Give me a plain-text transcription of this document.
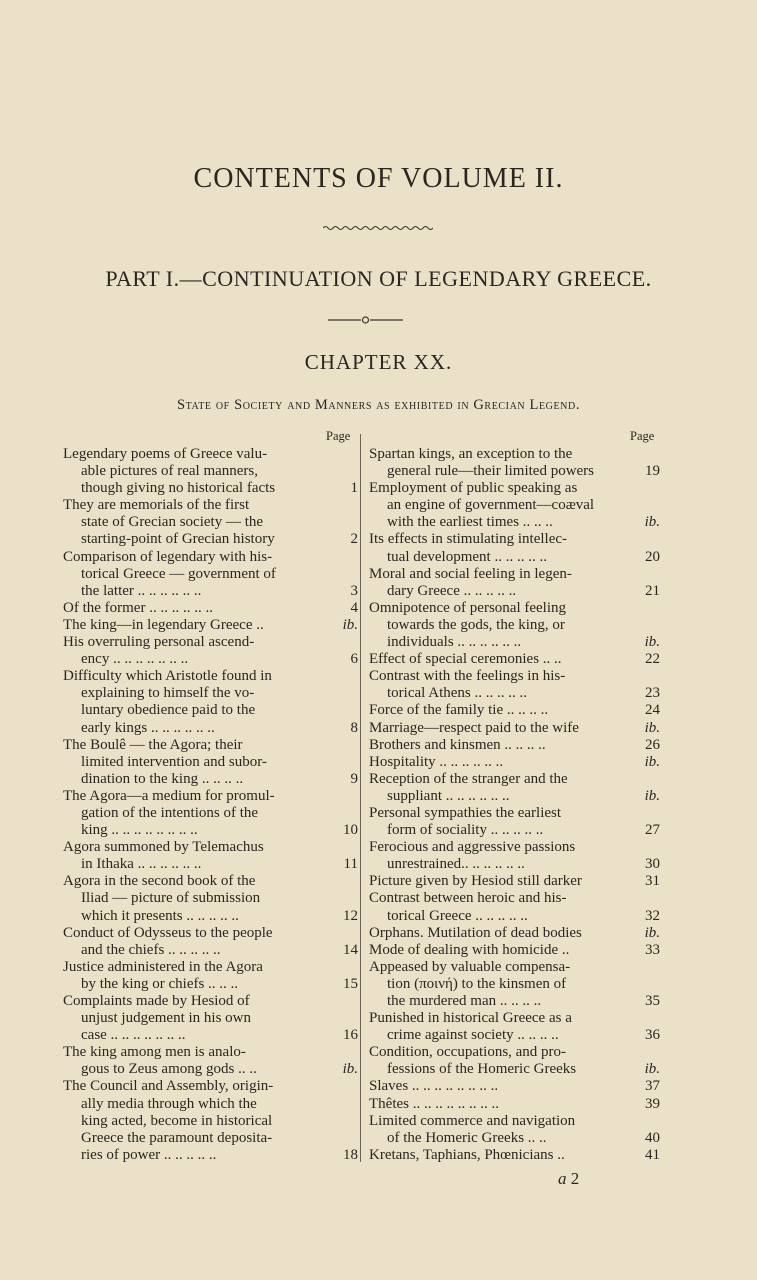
CONTENTS OF VOLUME II.
PART I.—CONTINUATION OF LEGENDARY GREECE.
CHAPTER XX.
State of Society and Manners as exhibited in Grecian Legend.
Page	Page
Legendary poems of Greece valu-
able pictures of real manners,
though giving no historical facts	1
They are memorials of the first
state of Grecian society — the
starting-point of Grecian history	2
Comparison of legendary with his-
torical Greece — government of
the latter .. .. .. .. .. ..	3
Of the former .. .. .. .. .. ..	4
The king—in legendary Greece ..	ib.
His overruling personal ascend-
ency .. .. .. .. .. .. ..	6
Difficulty which Aristotle found in
explaining to himself the vo-
luntary obedience paid to the
early kings .. .. .. .. .. ..	8
The Boulê — the Agora; their
limited intervention and subor-
dination to the king .. .. .. ..	9
The Agora—a medium for promul-
gation of the intentions of the
king .. .. .. .. .. .. .. ..	10
Agora summoned by Telemachus
in Ithaka .. .. .. .. .. ..	11
Agora in the second book of the
Iliad — picture of submission
which it presents .. .. .. .. ..	12
Conduct of Odysseus to the people
and the chiefs .. .. .. .. ..	14
Justice administered in the Agora
by the king or chiefs .. .. ..	15
Complaints made by Hesiod of
unjust judgement in his own
case .. .. .. .. .. .. ..	16
The king among men is analo-
gous to Zeus among gods .. ..	ib.
The Council and Assembly, origin-
ally media through which the
king acted, become in historical
Greece the paramount deposita-
ries of power .. .. .. .. ..	18
Spartan kings, an exception to the
general rule—their limited powers	19
Employment of public speaking as
an engine of government—coæval
with the earliest times .. .. ..	ib.
Its effects in stimulating intellec-
tual development .. .. .. .. ..	20
Moral and social feeling in legen-
dary Greece .. .. .. .. ..	21
Omnipotence of personal feeling
towards the gods, the king, or
individuals .. .. .. .. .. ..	ib.
Effect of special ceremonies .. ..	22
Contrast with the feelings in his-
torical Athens .. .. .. .. ..	23
Force of the family tie .. .. .. ..	24
Marriage—respect paid to the wife	ib.
Brothers and kinsmen .. .. .. ..	26
Hospitality .. .. .. .. .. ..	ib.
Reception of the stranger and the
suppliant .. .. .. .. .. ..	ib.
Personal sympathies the earliest
form of sociality .. .. .. .. ..	27
Ferocious and aggressive passions
unrestrained.. .. .. .. .. ..	30
Picture given by Hesiod still darker	31
Contrast between heroic and his-
torical Greece .. .. .. .. ..	32
Orphans. Mutilation of dead bodies	ib.
Mode of dealing with homicide ..	33
Appeased by valuable compensa-
tion (ποινή) to the kinsmen of
the murdered man .. .. .. ..	35
Punished in historical Greece as a
crime against society .. .. .. ..	36
Condition, occupations, and pro-
fessions of the Homeric Greeks	ib.
Slaves .. .. .. .. .. .. .. ..	37
Thêtes .. .. .. .. .. .. .. ..	39
Limited commerce and navigation
of the Homeric Greeks .. ..	40
Kretans, Taphians, Phœnicians ..	41
a 2
